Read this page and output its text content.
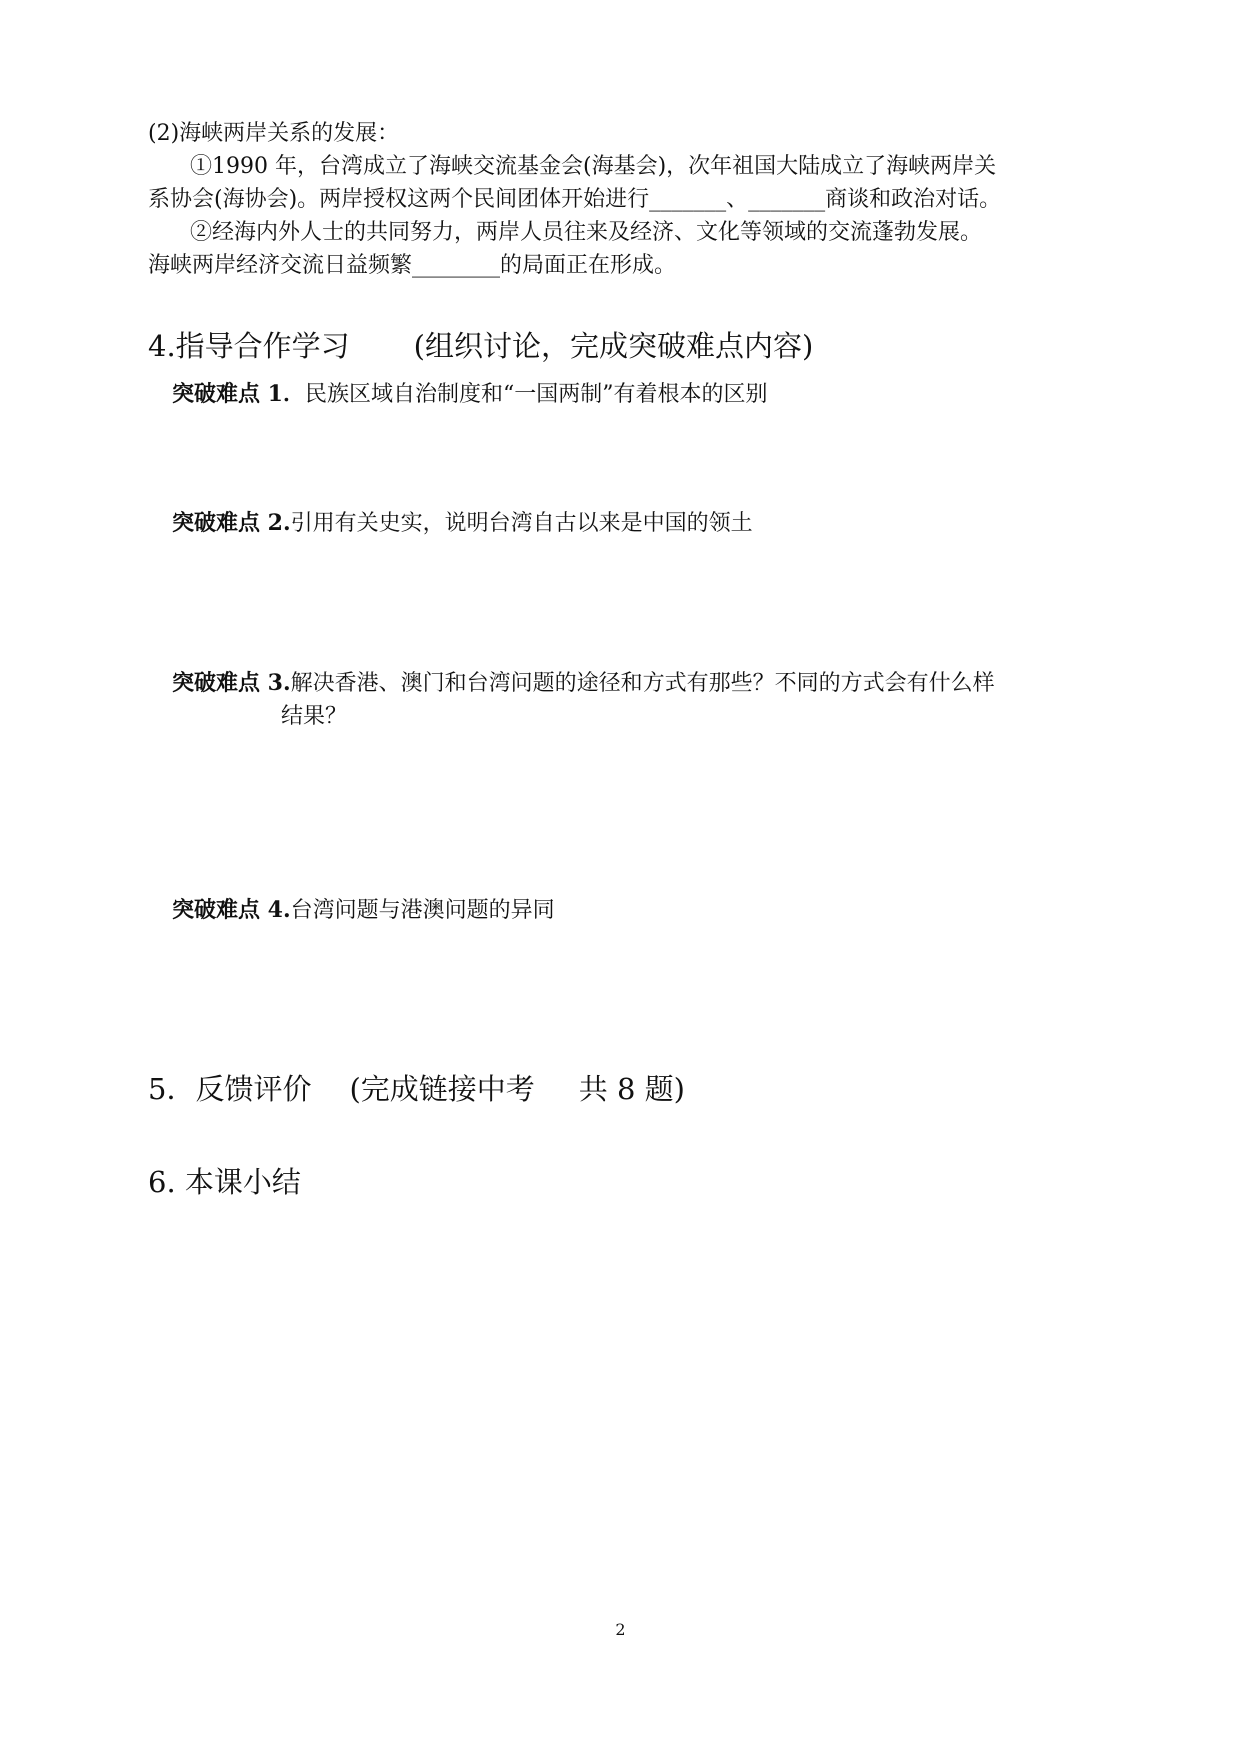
(2)海峡两岸关系的发展：
①1990 年，台湾成立了海峡交流基金会(海基会)，次年祖国大陆成立了海峡两岸关
系协会(海协会)。两岸授权这两个民间团体开始进行_______、_______商谈和政治对话。
②经海内外人士的共同努力，两岸人员往来及经济、文化等领域的交流蓬勃发展。
海峡两岸经济交流日益频繁________的局面正在形成。
4.指导合作学习 (组织讨论，完成突破难点内容)
突破难点 1．民族区域自治制度和“一国两制”有着根本的区别
突破难点 2.引用有关史实，说明台湾自古以来是中国的领土
突破难点 3.解决香港、澳门和台湾问题的途径和方式有那些？不同的方式会有什么样
结果？
突破难点 4.台湾问题与港澳问题的异同
5．反馈评价 (完成链接中考 共 8 题)
6. 本课小结
2
